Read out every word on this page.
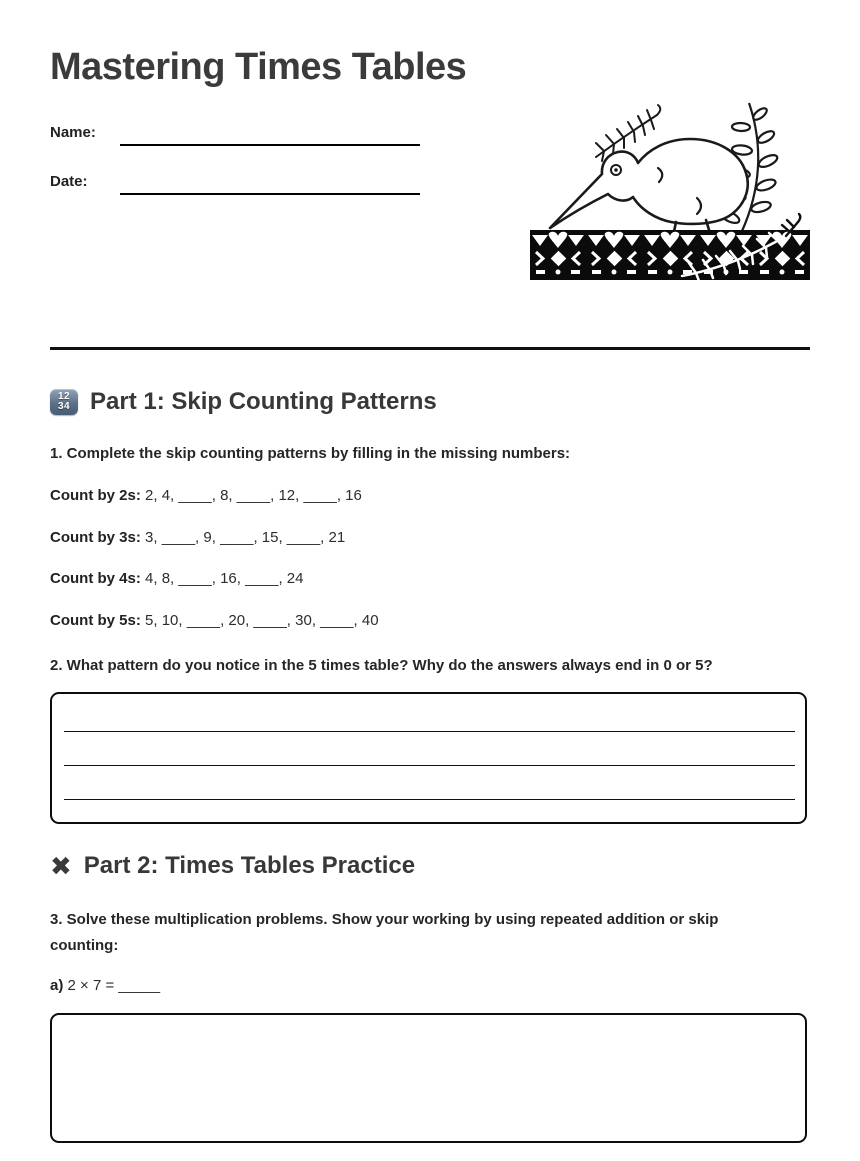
Mastering Times Tables
Name:
Date:
12
34 Part 1: Skip Counting Patterns

1. Complete the skip counting patterns by filling in the missing numbers:

Count by 2s: 2, 4, ____, 8, ____, 12, ____, 16
Count by 3s: 3, ____, 9, ____, 15, ____, 21
Count by 4s: 4, 8, ____, 16, ____, 24
Count by 5s: 5, 10, ____, 20, ____, 30, ____, 40

2. What pattern do you notice in the 5 times table? Why do the answers always end in 0 or 5?

✖ Part 2: Times Tables Practice

3. Solve these multiplication problems. Show your working by using repeated addition or skip counting:

a) 2 × 7 = _____
